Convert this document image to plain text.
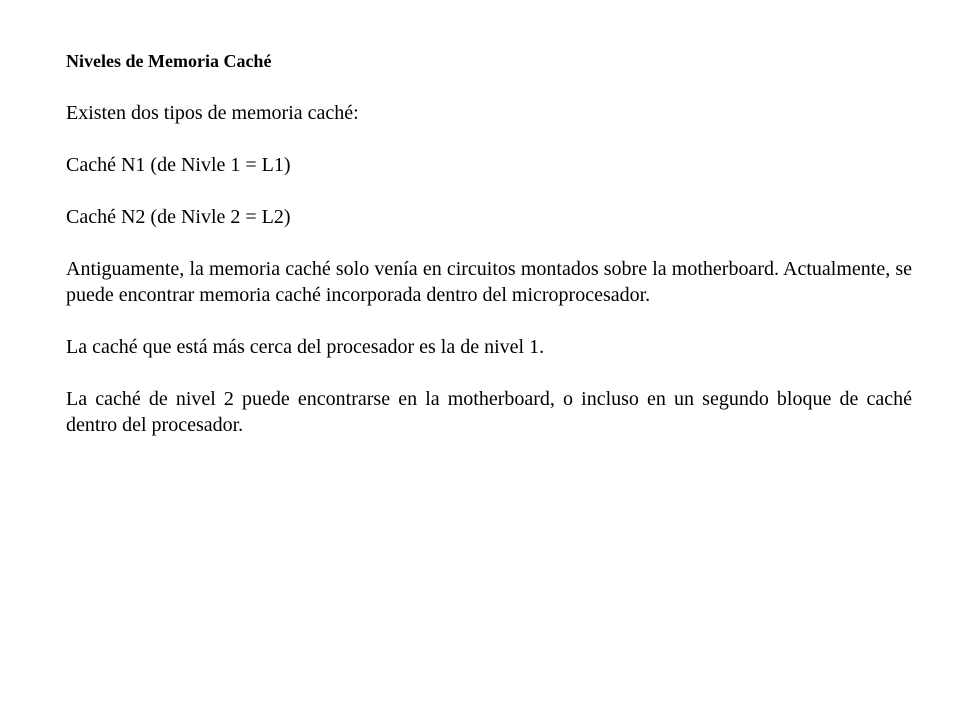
Niveles de Memoria Caché

Existen dos tipos de memoria caché:

Caché N1 (de Nivle 1 = L1)

Caché N2 (de Nivle 2 = L2)

Antiguamente, la memoria caché solo venía en circuitos montados sobre la motherboard. Actualmente, se puede encontrar memoria caché incorporada dentro del microprocesador.

La caché que está más cerca del procesador es la de nivel 1.

La caché de nivel 2 puede encontrarse en la motherboard, o incluso en un segundo bloque de caché dentro del procesador.
